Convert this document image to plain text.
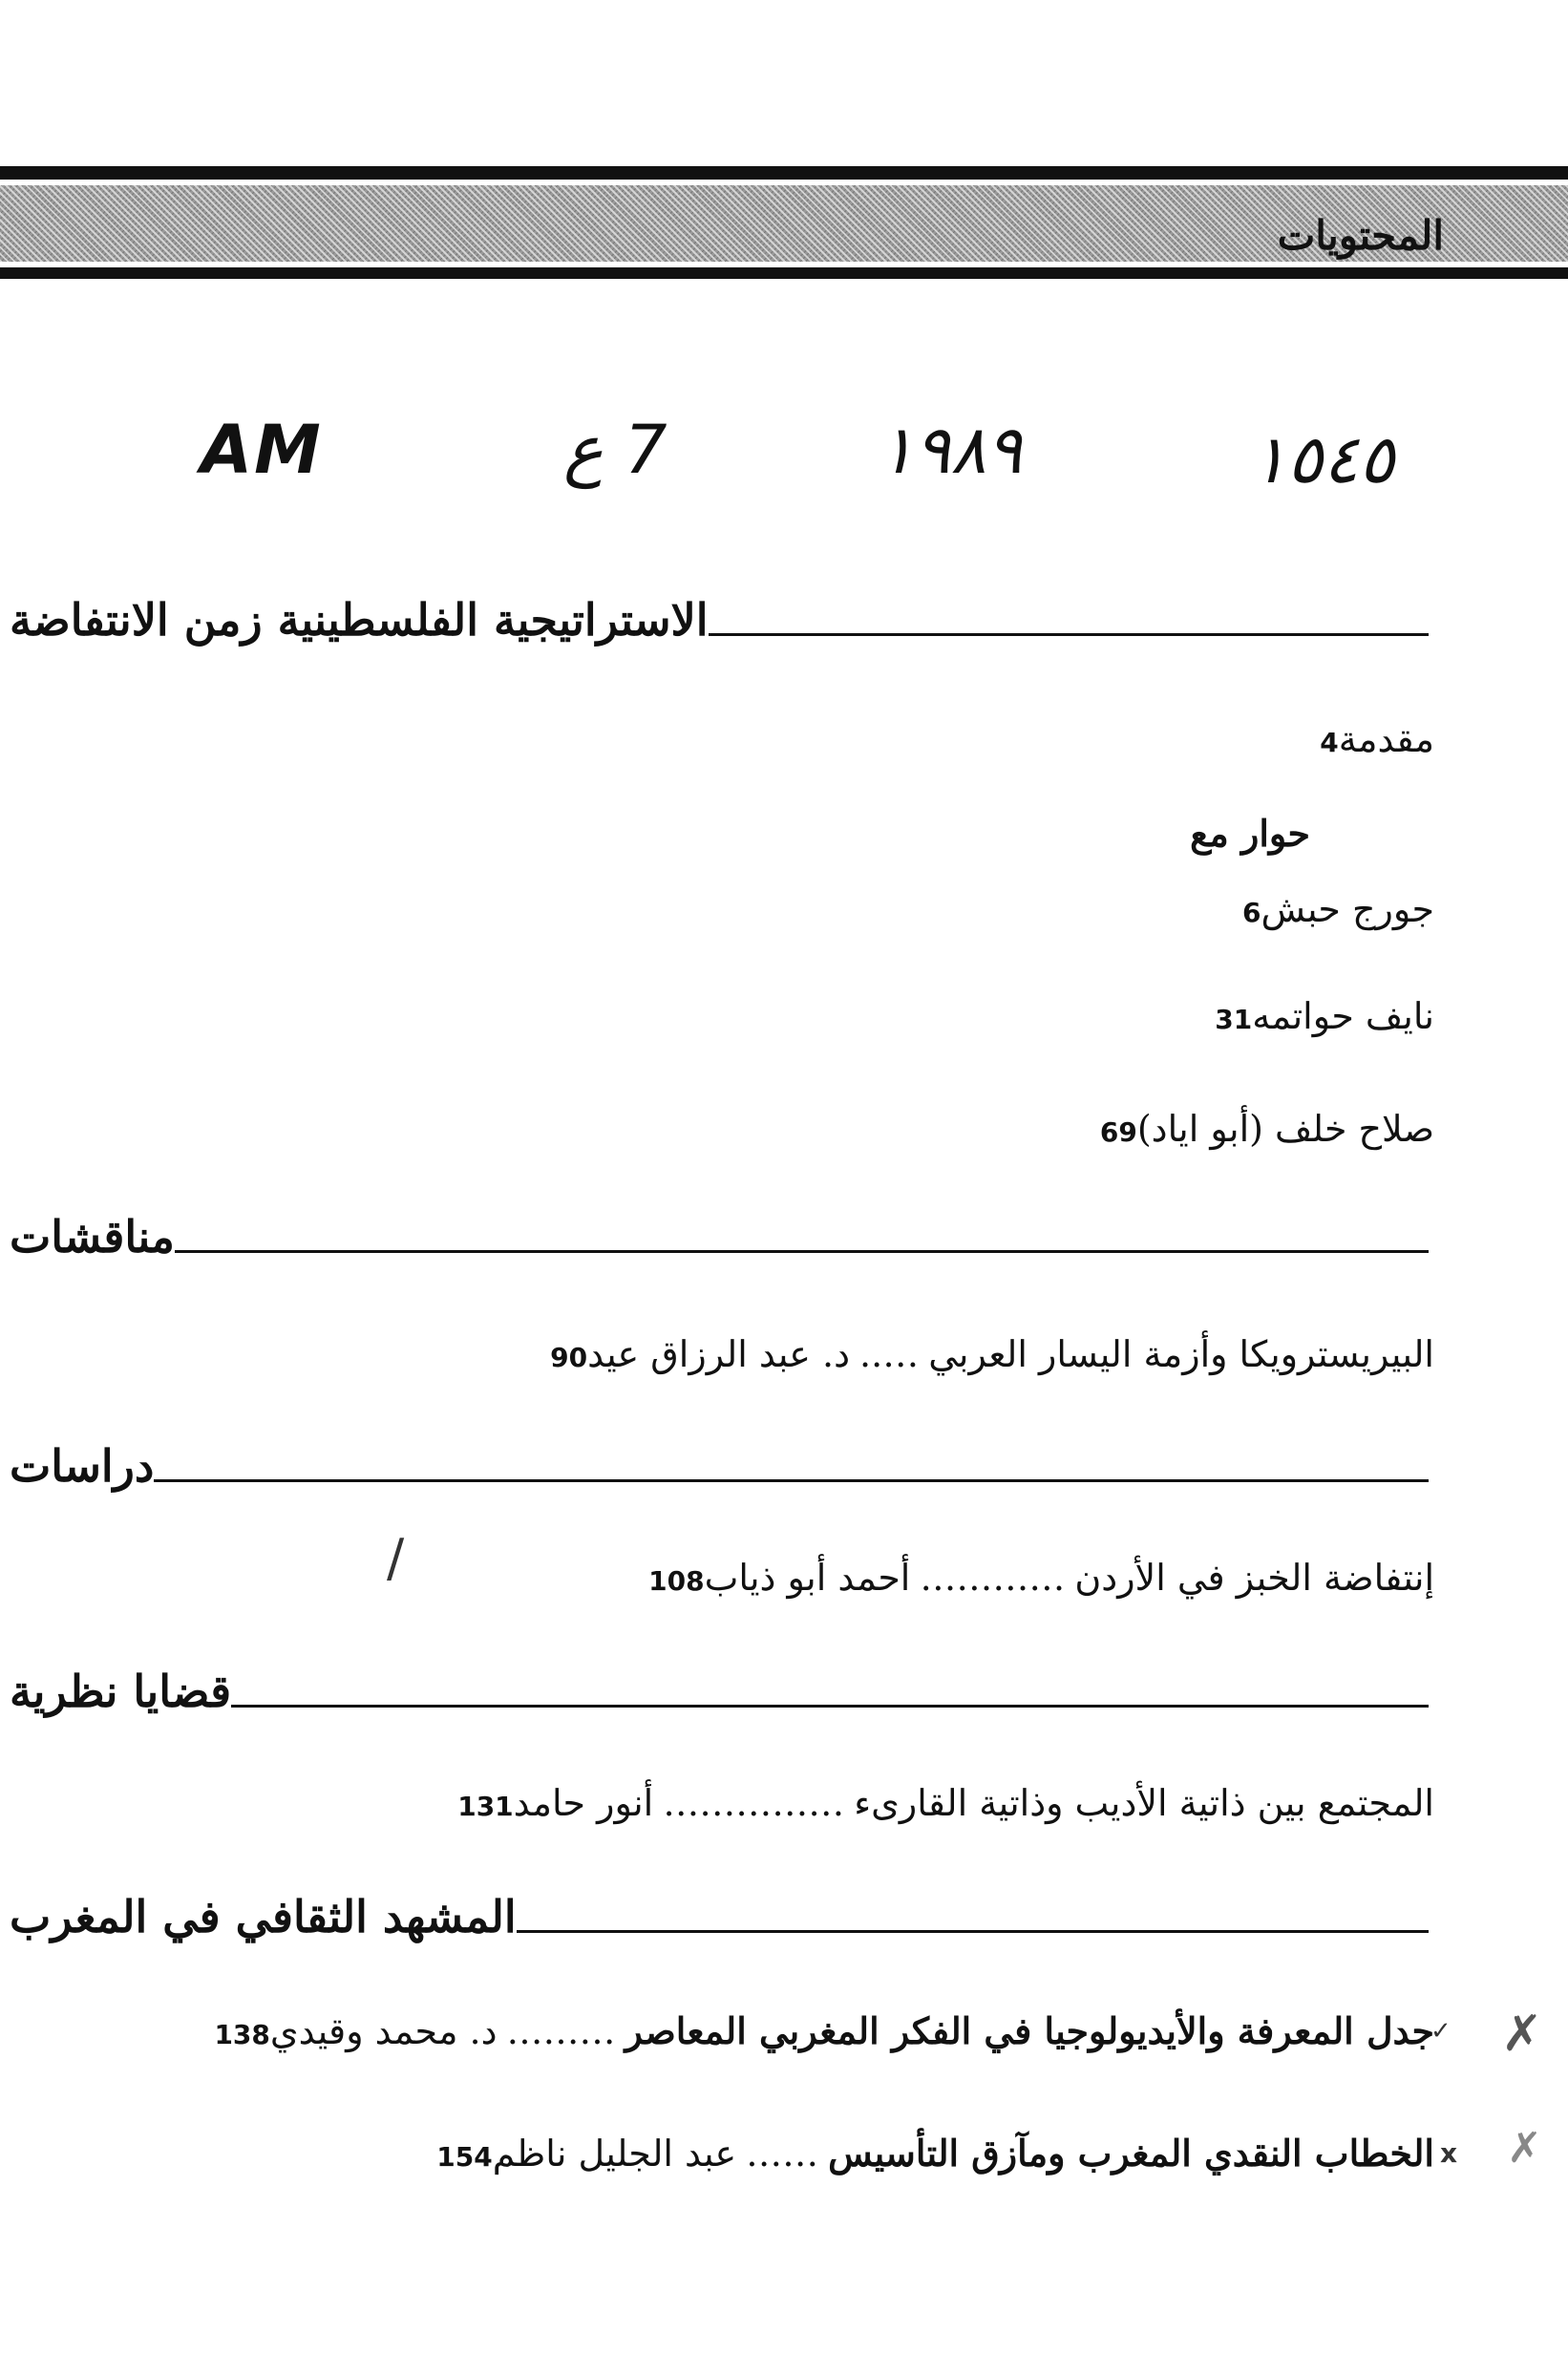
المحتويات
AM	7 ع	١٩٨٩	١٥٤٥
الاستراتيجية الفلسطينية زمن الانتفاضة
4 مقدمة
حوار مع
6 جورج حبش
31 نايف حواتمه
69 صلاح خلف (أبو اياد)
مناقشات
90 د. عبد الرزاق عيد ….. البيريسترويكا وأزمة اليسار العربي
دراسات
108 أحمد أبو ذياب ………… إنتفاضة الخبز في الأردن
/
قضايا نظرية
131 أنور حامد …………… المجتمع بين ذاتية الأديب وذاتية القارىء
المشهد الثقافي في المغرب
138 د. محمد وقيدي ……… جدل المعرفة والأيديولوجيا في الفكر المغربي المعاصر
✓ ✗
154 عبد الجليل ناظم …… الخطاب النقدي المغرب ومآزق التأسيس x ✗
